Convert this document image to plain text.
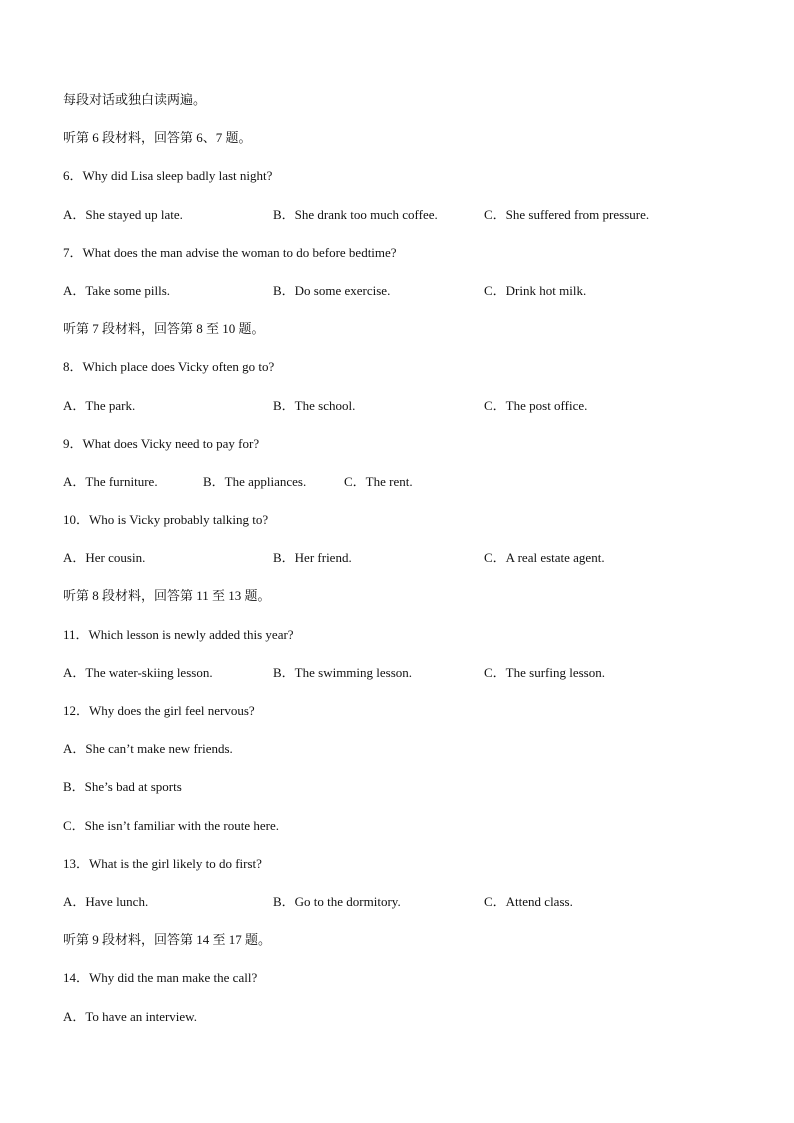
每段对话或独白读两遍。
听第 6 段材料，回答第 6、7 题。
6．Why did Lisa sleep badly last night?
A．She stayed up late.	B．She drank too much coffee.	C．She suffered from pressure.
7．What does the man advise the woman to do before bedtime?
A．Take some pills.	B．Do some exercise.	C．Drink hot milk.
听第 7 段材料，回答第 8 至 10 题。
8．Which place does Vicky often go to?
A．The park.	B．The school.	C．The post office.
9．What does Vicky need to pay for?
A．The furniture.	B．The appliances.	C．The rent.
10．Who is Vicky probably talking to?
A．Her cousin.	B．Her friend.	C．A real estate agent.
听第 8 段材料，回答第 11 至 13 题。
11．Which lesson is newly added this year?
A．The water-skiing lesson.	B．The swimming lesson.	C．The surfing lesson.
12．Why does the girl feel nervous?
A．She can’t make new friends.
B．She’s bad at sports
C．She isn’t familiar with the route here.
13．What is the girl likely to do first?
A．Have lunch.	B．Go to the dormitory.	C．Attend class.
听第 9 段材料，回答第 14 至 17 题。
14．Why did the man make the call?
A．To have an interview.
